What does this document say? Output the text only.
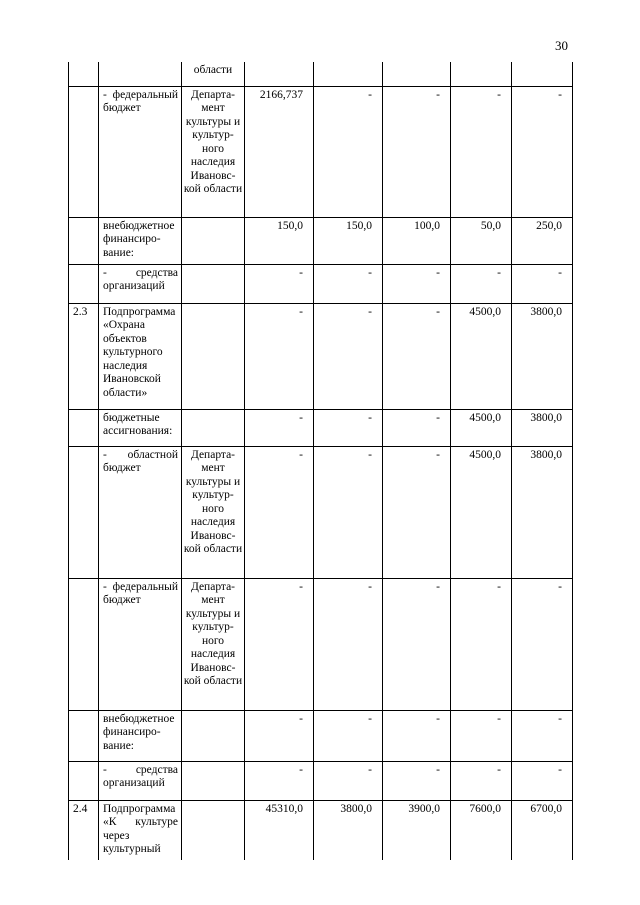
30
		области					
	- федеральный бюджет	Департа-мент культуры и культур-ного наследия Ивановс-кой области	2166,737	-	-	-	-
	внебюджетное финансиро-вание:		150,0	150,0	100,0	50,0	250,0
	- средства организаций		-	-	-	-	-
2.3	Подпрограмма «Охрана объектов культурного наследия Ивановской области»		-	-	-	4500,0	3800,0
	бюджетные ассигнования:		-	-	-	4500,0	3800,0
	- областной бюджет	Департа-мент культуры и культур-ного наследия Ивановс-кой области	-	-	-	4500,0	3800,0
	- федеральный бюджет	Департа-мент культуры и культур-ного наследия Ивановс-кой области	-	-	-	-	-
	внебюджетное финансиро-вание:		-	-	-	-	-
	- средства организаций		-	-	-	-	-
2.4	Подпрограмма «К культуре через культурный		45310,0	3800,0	3900,0	7600,0	6700,0
